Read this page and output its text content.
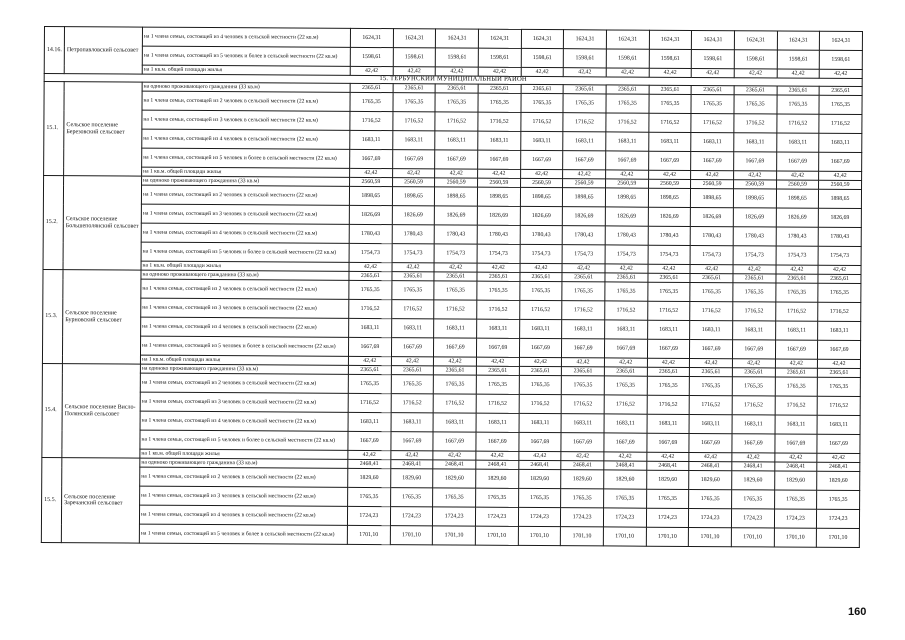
14.16.	Петропавловский сельсовет	на 1 члена семьи, состоящей из 4 человек в сельской местности (22 кв.м)	1624,31	1624,31	1624,31	1624,31	1624,31	1624,31	1624,31	1624,31	1624,31	1624,31	1624,31	1624,31
		на 1 члена семьи, состоящей из 5 человек и более в сельской местности (22 кв.м)	1598,61	1598,61	1598,61	1598,61	1598,61	1598,61	1598,61	1598,61	1598,61	1598,61	1598,61	1598,61
		на 1 кв.м. общей площади жилья	42,42	42,42	42,42	42,42	42,42	42,42	42,42	42,42	42,42	42,42	42,42	42,42
15. ТЕРБУНСКИЙ МУНИЦИПАЛЬНЫЙ РАЙОН														
15.1.	Сельское поселение Березовский сельсовет	на одиноко проживающего гражданина (33 кв.м)	2365,61	2365,61	2365,61	2365,61	2365,61	2365,61	2365,61	2365,61	2365,61	2365,61	2365,61	2365,61
		на 1 члена семьи, состоящей из 2 человек в сельской местности (22 кв.м)	1765,35	1765,35	1765,35	1765,35	1765,35	1765,35	1765,35	1765,35	1765,35	1765,35	1765,35	1765,35
		на 1 члена семьи, состоящей из 3 человек в сельской местности (22 кв.м)	1716,52	1716,52	1716,52	1716,52	1716,52	1716,52	1716,52	1716,52	1716,52	1716,52	1716,52	1716,52
		на 1 члена семьи, состоящей из 4 человек в сельской местности (22 кв.м)	1683,11	1683,11	1683,11	1683,11	1683,11	1683,11	1683,11	1683,11	1683,11	1683,11	1683,11	1683,11
		на 1 члена семьи, состоящей из 5 человек и более в сельской местности (22 кв.м)	1667,69	1667,69	1667,69	1667,69	1667,69	1667,69	1667,69	1667,69	1667,69	1667,69	1667,69	1667,69
		на 1 кв.м. общей площади жилья	42,42	42,42	42,42	42,42	42,42	42,42	42,42	42,42	42,42	42,42	42,42	42,42
15.2.	Сельское поселение Большеполянский сельсовет	на одиноко проживающего гражданина (33 кв.м)	2560,59	2560,59	2560,59	2560,59	2560,59	2560,59	2560,59	2560,59	2560,59	2560,59	2560,59	2560,59
		на 1 члена семьи, состоящей из 2 человек в сельской местности (22 кв.м)	1898,65	1898,65	1898,65	1898,65	1898,65	1898,65	1898,65	1898,65	1898,65	1898,65	1898,65	1898,65
		на 1 члена семьи, состоящей из 3 человек в сельской местности (22 кв.м)	1826,69	1826,69	1826,69	1826,69	1826,69	1826,69	1826,69	1826,69	1826,69	1826,69	1826,69	1826,69
		на 1 члена семьи, состоящей из 4 человек в сельской местности (22 кв.м)	1780,43	1780,43	1780,43	1780,43	1780,43	1780,43	1780,43	1780,43	1780,43	1780,43	1780,43	1780,43
		на 1 члена семьи, состоящей из 5 человек и более в сельской местности (22 кв.м)	1754,73	1754,73	1754,73	1754,73	1754,73	1754,73	1754,73	1754,73	1754,73	1754,73	1754,73	1754,73
		на 1 кв.м. общей площади жилья	42,42	42,42	42,42	42,42	42,42	42,42	42,42	42,42	42,42	42,42	42,42	42,42
15.3.	Сельское поселение Бурновский сельсовет	на одиноко проживающего гражданина (33 кв.м)	2365,61	2365,61	2365,61	2365,61	2365,61	2365,61	2365,61	2365,61	2365,61	2365,61	2365,61	2365,61
		на 1 члена семьи, состоящей из 2 человек в сельской местности (22 кв.м)	1765,35	1765,35	1765,35	1765,35	1765,35	1765,35	1765,35	1765,35	1765,35	1765,35	1765,35	1765,35
		на 1 члена семьи, состоящей из 3 человек в сельской местности (22 кв.м)	1716,52	1716,52	1716,52	1716,52	1716,52	1716,52	1716,52	1716,52	1716,52	1716,52	1716,52	1716,52
		на 1 члена семьи, состоящей из 4 человек в сельской местности (22 кв.м)	1683,11	1683,11	1683,11	1683,11	1683,11	1683,11	1683,11	1683,11	1683,11	1683,11	1683,11	1683,11
		на 1 члена семьи, состоящей из 5 человек и более в сельской местности (22 кв.м)	1667,69	1667,69	1667,69	1667,69	1667,69	1667,69	1667,69	1667,69	1667,69	1667,69	1667,69	1667,69
		на 1 кв.м. общей площади жилья	42,42	42,42	42,42	42,42	42,42	42,42	42,42	42,42	42,42	42,42	42,42	42,42
15.4.	Сельское поселение Висло-Полянский сельсовет	на одиноко проживающего гражданина (33 кв.м)	2365,61	2365,61	2365,61	2365,61	2365,61	2365,61	2365,61	2365,61	2365,61	2365,61	2365,61	2365,61
		на 1 члена семьи, состоящей из 2 человек в сельской местности (22 кв.м)	1765,35	1765,35	1765,35	1765,35	1765,35	1765,35	1765,35	1765,35	1765,35	1765,35	1765,35	1765,35
		на 1 члена семьи, состоящей из 3 человек в сельской местности (22 кв.м)	1716,52	1716,52	1716,52	1716,52	1716,52	1716,52	1716,52	1716,52	1716,52	1716,52	1716,52	1716,52
		на 1 члена семьи, состоящей из 4 человек в сельской местности (22 кв.м)	1683,11	1683,11	1683,11	1683,11	1683,11	1683,11	1683,11	1683,11	1683,11	1683,11	1683,11	1683,11
		на 1 члена семьи, состоящей из 5 человек и более в сельской местности (22 кв.м)	1667,69	1667,69	1667,69	1667,69	1667,69	1667,69	1667,69	1667,69	1667,69	1667,69	1667,69	1667,69
		на 1 кв.м. общей площади жилья	42,42	42,42	42,42	42,42	42,42	42,42	42,42	42,42	42,42	42,42	42,42	42,42
15.5.	Сельское поселение Заречанский сельсовет	на одиноко проживающего гражданина (33 кв.м)	2468,41	2468,41	2468,41	2468,41	2468,41	2468,41	2468,41	2468,41	2468,41	2468,41	2468,41	2468,41
		на 1 члена семьи, состоящей из 2 человек в сельской местности (22 кв.м)	1829,60	1829,60	1829,60	1829,60	1829,60	1829,60	1829,60	1829,60	1829,60	1829,60	1829,60	1829,60
		на 1 члена семьи, состоящей из 3 человек в сельской местности (22 кв.м)	1765,35	1765,35	1765,35	1765,35	1765,35	1765,35	1765,35	1765,35	1765,35	1765,35	1765,35	1765,35
		на 1 члена семьи, состоящей из 4 человек в сельской местности (22 кв.м)	1724,23	1724,23	1724,23	1724,23	1724,23	1724,23	1724,23	1724,23	1724,23	1724,23	1724,23	1724,23
		на 1 члена семьи, состоящей из 5 человек и более в сельской местности (22 кв.м)	1701,10	1701,10	1701,10	1701,10	1701,10	1701,10	1701,10	1701,10	1701,10	1701,10	1701,10	1701,10
160
